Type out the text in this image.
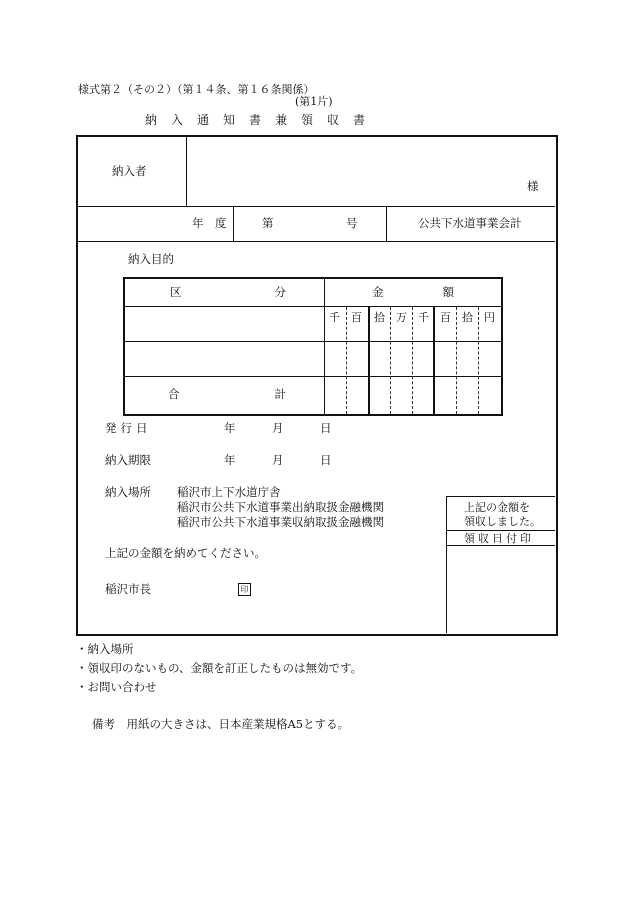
様式第２（その２）（第１４条、第１６条関係）
(第1片)
納　入　通　知　書　兼　領　収　書
納入者
様
年　度	第	号	公共下水道事業会計
納入目的
区	分	金	額
千 百 拾 万 千 百 拾 円
合	計
発行日	年	月	日
納入期限	年	月	日
納入場所 稲沢市上下水道庁舎
稲沢市公共下水道事業出納取扱金融機関
稲沢市公共下水道事業収納取扱金融機関
上記の金額を
領収しました。
領収日付印
上記の金額を納めてください。
稲沢市長	印
・納入場所
・領収印のないもの、金額を訂正したものは無効です。
・お問い合わせ
備考　用紙の大きさは、日本産業規格A5とする。
